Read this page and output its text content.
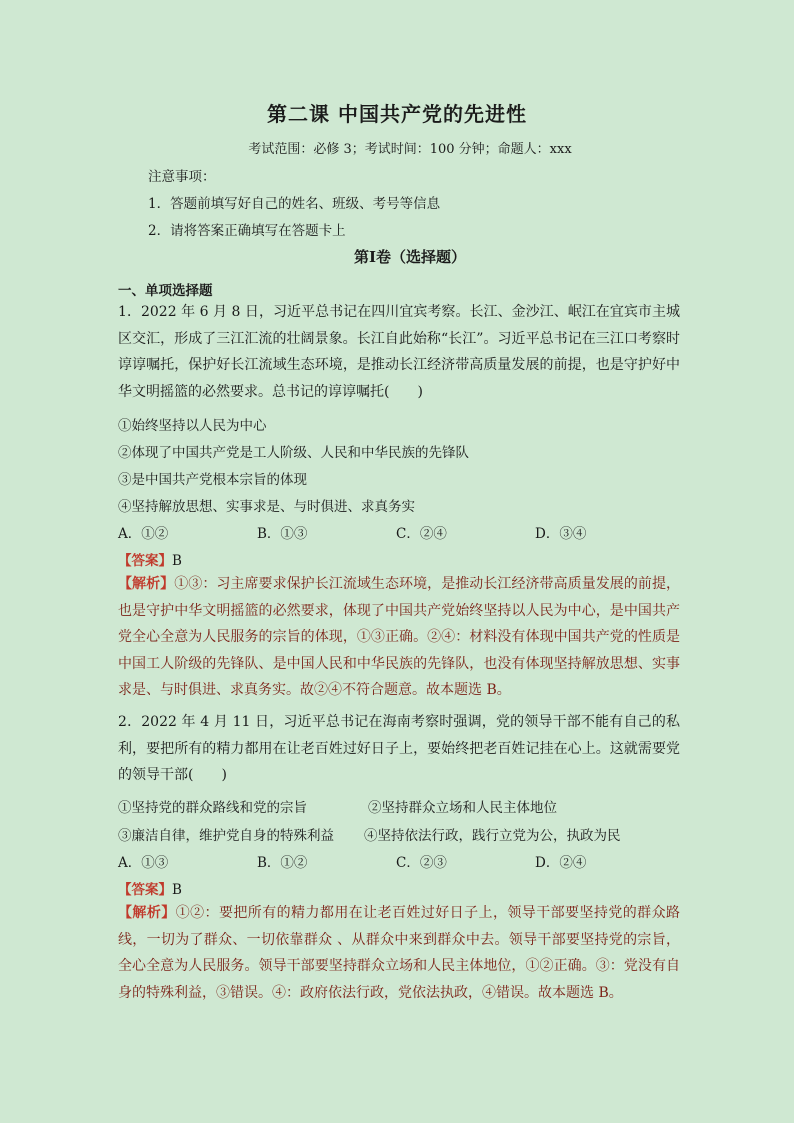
第二课 中国共产党的先进性
考试范围：必修 3；考试时间：100 分钟；命题人：xxx
注意事项：
1．答题前填写好自己的姓名、班级、考号等信息
2．请将答案正确填写在答题卡上
第I卷（选择题）
一、单项选择题
1．2022 年 6 月 8 日，习近平总书记在四川宜宾考察。长江、金沙江、岷江在宜宾市主城区交汇，形成了三江汇流的壮阔景象。长江自此始称“长江”。习近平总书记在三江口考察时谆谆嘱托，保护好长江流域生态环境，是推动长江经济带高质量发展的前提，也是守护好中华文明摇篮的必然要求。总书记的谆谆嘱托(　　)
①始终坚持以人民为中心
②体现了中国共产党是工人阶级、人民和中华民族的先锋队
③是中国共产党根本宗旨的体现
④坚持解放思想、实事求是、与时俱进、求真务实
A．①②	B．①③	C．②④	D．③④
【答案】B
【解析】①③：习主席要求保护长江流域生态环境，是推动长江经济带高质量发展的前提，也是守护中华文明摇篮的必然要求，体现了中国共产党始终坚持以人民为中心，是中国共产党全心全意为人民服务的宗旨的体现，①③正确。②④：材料没有体现中国共产党的性质是中国工人阶级的先锋队、是中国人民和中华民族的先锋队，也没有体现坚持解放思想、实事求是、与时俱进、求真务实。故②④不符合题意。故本题选 B。
2．2022 年 4 月 11 日，习近平总书记在海南考察时强调，党的领导干部不能有自己的私利，要把所有的精力都用在让老百姓过好日子上，要始终把老百姓记挂在心上。这就需要党的领导干部(　　)
①坚持党的群众路线和党的宗旨	②坚持群众立场和人民主体地位
③廉洁自律，维护党自身的特殊利益 ④坚持依法行政，践行立党为公，执政为民
A．①③	B．①②	C．②③	D．②④
【答案】B
【解析】①②：要把所有的精力都用在让老百姓过好日子上，领导干部要坚持党的群众路线，一切为了群众、一切依靠群众 、从群众中来到群众中去。领导干部要坚持党的宗旨，全心全意为人民服务。领导干部要坚持群众立场和人民主体地位，①②正确。③：党没有自身的特殊利益，③错误。④：政府依法行政，党依法执政，④错误。故本题选 B。
